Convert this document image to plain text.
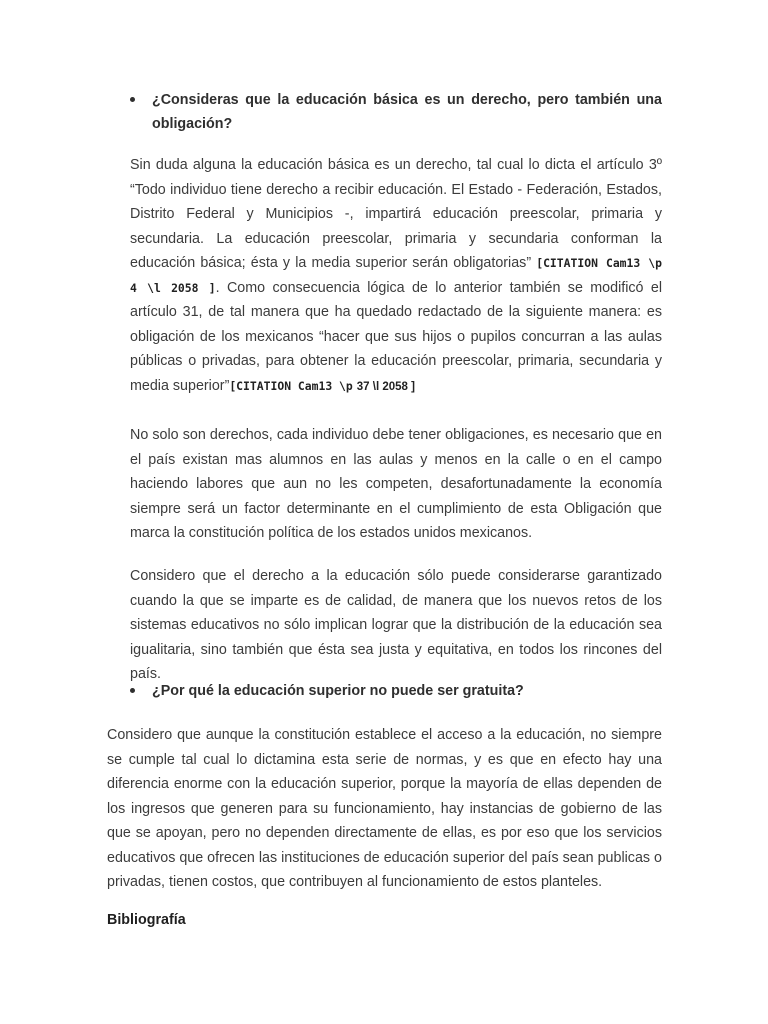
¿Consideras que la educación básica es un derecho, pero también una obligación?
Sin duda alguna la educación básica es un derecho, tal cual lo dicta el artículo 3º “Todo individuo tiene derecho a recibir educación. El Estado - Federación, Estados, Distrito Federal y Municipios -, impartirá educación preescolar, primaria y secundaria. La educación preescolar, primaria y secundaria conforman la educación básica; ésta y la media superior serán obligatorias” [CITATION Cam13 \p 4 \l 2058 ]. Como consecuencia lógica de lo anterior también se modificó el artículo 31, de tal manera que ha quedado redactado de la siguiente manera: es obligación de los mexicanos “hacer que sus hijos o pupilos concurran a las aulas públicas o privadas, para obtener la educación preescolar, primaria, secundaria y media superior”[CITATION Cam13 \p 37 \l 2058 ]
No solo son derechos, cada individuo debe tener obligaciones, es necesario que en el país existan mas alumnos en las aulas y menos en la calle o en el campo haciendo labores que aun no les competen, desafortunadamente la economía siempre será un factor determinante en el cumplimiento de esta Obligación que marca la constitución política de los estados unidos mexicanos.
Considero que el derecho a la educación sólo puede considerarse garantizado cuando la que se imparte es de calidad, de manera que los nuevos retos de los sistemas educativos no sólo implican lograr que la distribución de la educación sea igualitaria, sino también que ésta sea justa y equitativa, en todos los rincones del país.
¿Por qué la educación superior no puede ser gratuita?
Considero que aunque la constitución establece el acceso a la educación, no siempre se cumple tal cual lo dictamina esta serie de normas, y es que en efecto hay una diferencia enorme con la educación superior, porque la mayoría de ellas dependen de los ingresos que generen para su funcionamiento, hay instancias de gobierno de las que se apoyan, pero no dependen directamente de ellas, es por eso que los servicios educativos que ofrecen las instituciones de educación superior del país sean publicas o privadas, tienen costos, que contribuyen al funcionamiento de estos planteles.
Bibliografía
